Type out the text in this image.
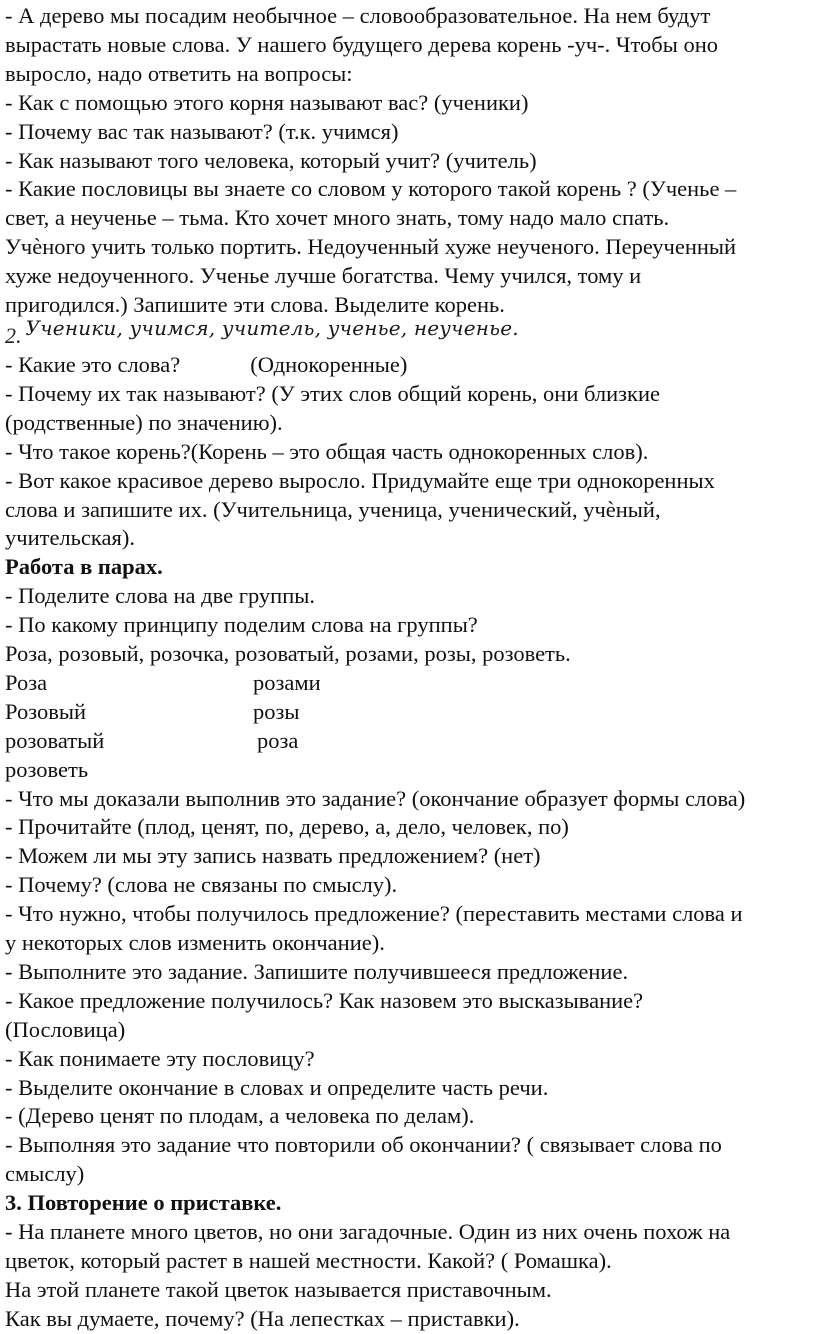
- А дерево мы посадим необычное – словообразовательное. На нем будут
вырастать новые слова. У нашего будущего дерева корень -уч-. Чтобы оно
выросло, надо ответить на вопросы:
- Как с помощью этого корня называют вас? (ученики)
- Почему вас так называют? (т.к. учимся)
- Как называют того человека, который учит? (учитель)
- Какие пословицы вы знаете со словом у которого такой корень ? (Ученье –
свет, а неученье – тьма. Кто хочет много знать, тому надо мало спать.
Учѐного учить только портить. Недоученный хуже неученого. Переученный
хуже недоученного. Ученье лучше богатства. Чему учился, тому и
пригодился.) Запишите эти слова. Выделите корень.
2. Ученики, учимся, учитель, ученье, неученье.
- Какие это слова?	(Однокоренные)
- Почему их так называют? (У этих слов общий корень, они близкие
(родственные) по значению).
- Что такое корень?(Корень – это общая часть однокоренных слов).
- Вот какое красивое дерево выросло. Придумайте еще три однокоренных
слова и запишите их. (Учительница, ученица, ученический, учѐный,
учительская).
Работа в парах.
- Поделите слова на две группы.
- По какому принципу поделим слова на группы?
Роза, розовый, розочка, розоватый, розами, розы, розоветь.
Роза	розами
Розовый	розы
розоватый	роза
розоветь
- Что мы доказали выполнив это задание? (окончание образует формы слова)
- Прочитайте (плод, ценят, по, дерево, а, дело, человек, по)
- Можем ли мы эту запись назвать предложением? (нет)
- Почему? (слова не связаны по смыслу).
- Что нужно, чтобы получилось предложение? (переставить местами слова и
у некоторых слов изменить окончание).
- Выполните это задание. Запишите получившееся предложение.
- Какое предложение получилось? Как назовем это высказывание?
(Пословица)
- Как понимаете эту пословицу?
- Выделите окончание в словах и определите часть речи.
- (Дерево ценят по плодам, а человека по делам).
- Выполняя это задание что повторили об окончании? ( связывает слова по
смыслу)
3. Повторение о приставке.
- На планете много цветов, но они загадочные. Один из них очень похож на
цветок, который растет в нашей местности. Какой? ( Ромашка).
На этой планете такой цветок называется приставочным.
Как вы думаете, почему? (На лепестках – приставки).
